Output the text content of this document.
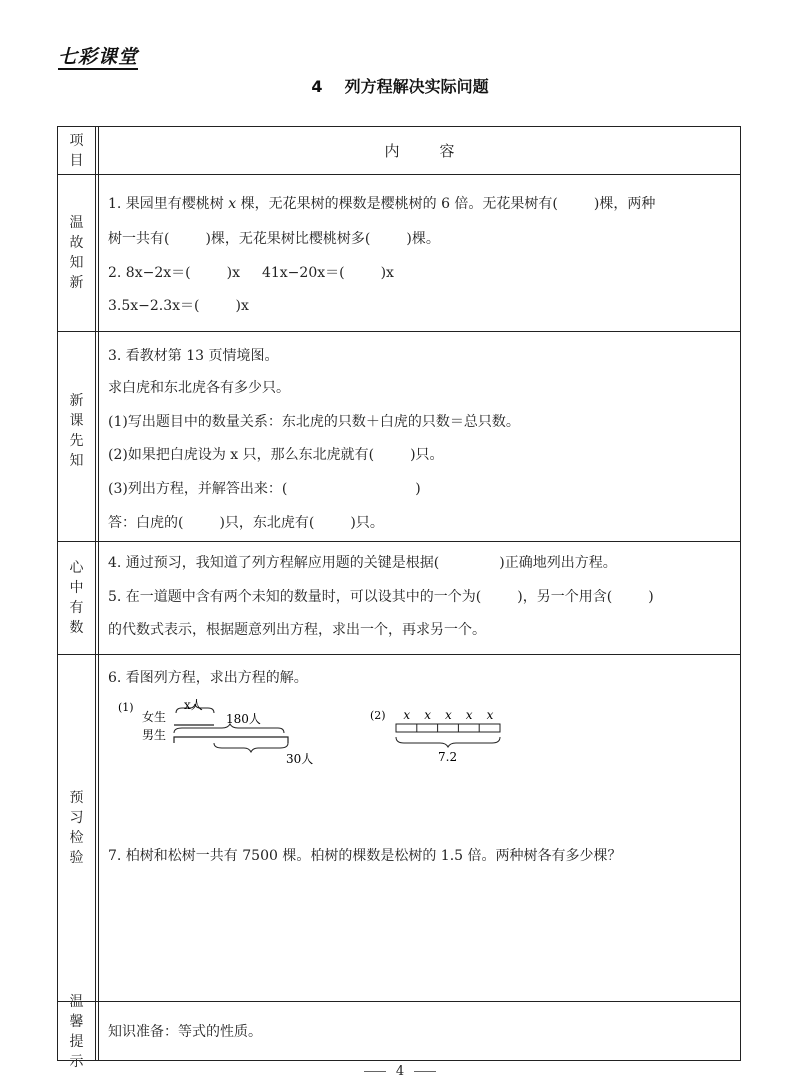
七彩课堂
4 列方程解决实际问题
项
目
内容
温
故
知
新
1. 果园里有樱桃树 x 棵，无花果树的棵数是樱桃树的 6 倍。无花果树有(	)棵，两种
树一共有(	)棵，无花果树比樱桃树多(	)棵。
2. 8x−2x＝(	)x 41x−20x＝(	)x
3.5x−2.3x＝(	)x
新
课
先
知
3. 看教材第 13 页情境图。
求白虎和东北虎各有多少只。
(1)写出题目中的数量关系：东北虎的只数＋白虎的只数＝总只数。
(2)如果把白虎设为 x 只，那么东北虎就有(	)只。
(3)列出方程，并解答出来：(	)
答：白虎的(	)只，东北虎有(	)只。
心
中
有
数
4. 通过预习，我知道了列方程解应用题的关键是根据(	)正确地列出方程。
5. 在一道题中含有两个未知的数量时，可以设其中的一个为(	)，另一个用含(	)
的代数式表示，根据题意列出方程，求出一个，再求另一个。
预
习
检
验
6. 看图列方程，求出方程的解。
(1)
女生
男生
x人
180人
30人
(2) x x x x x
7.2
7. 柏树和松树一共有 7500 棵。柏树的棵数是松树的 1.5 倍。两种树各有多少棵？
温
馨
提
示
知识准备：等式的性质。
4
